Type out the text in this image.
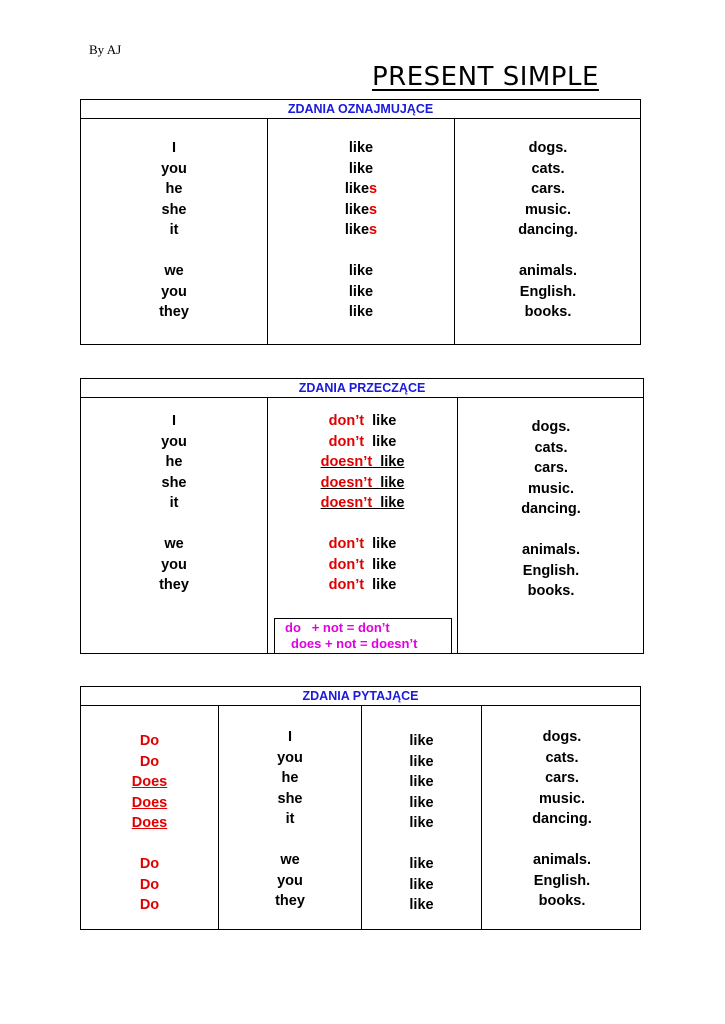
By AJ
PRESENT SIMPLE
ZDANIA OZNAJMUJĄCE
I
you
he
she
it
we
you
they
like
like
likes
likes
likes
like
like
like
dogs.
cats.
cars.
music.
dancing.
animals.
English.
books.
ZDANIA PRZECZĄCE
I
you
he
she
it
we
you
they
don’t like
don’t like
doesn’t like
doesn’t like
doesn’t like
don’t like
don’t like
don’t like
dogs.
cats.
cars.
music.
dancing.
animals.
English.
books.
do   + not = don’t
does + not = doesn’t
ZDANIA PYTAJĄCE
Do
Do
Does
Does
Does
Do
Do
Do
I
you
he
she
it
we
you
they
like
like
like
like
like
like
like
like
dogs.
cats.
cars.
music.
dancing.
animals.
English.
books.
